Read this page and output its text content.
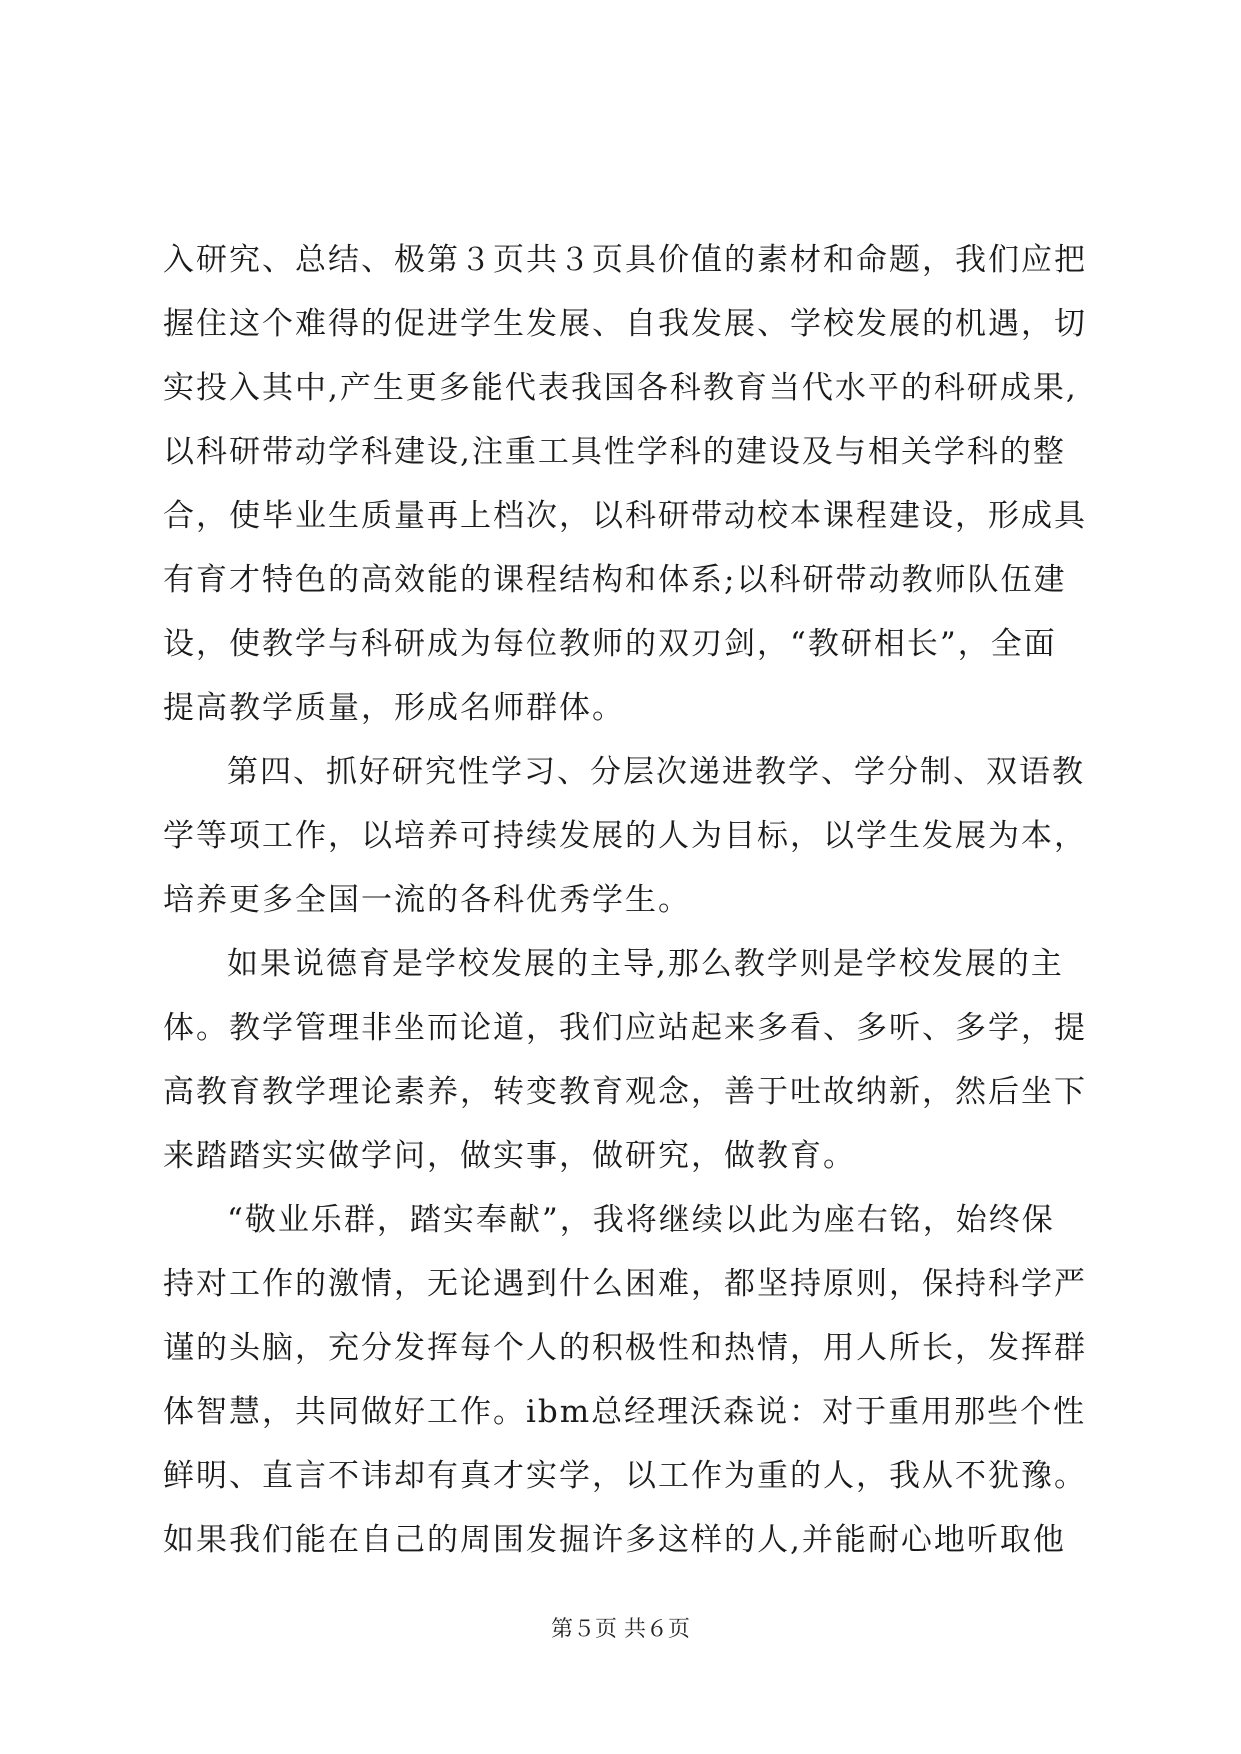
入研究、总结、极第３页共３页具价值的素材和命题，我们应把
握住这个难得的促进学生发展、自我发展、学校发展的机遇，切
实投入其中,产生更多能代表我国各科教育当代水平的科研成果,
以科研带动学科建设,注重工具性学科的建设及与相关学科的整
合，使毕业生质量再上档次，以科研带动校本课程建设，形成具
有育才特色的高效能的课程结构和体系;以科研带动教师队伍建
设，使教学与科研成为每位教师的双刃剑，“教研相长”，全面
提高教学质量，形成名师群体。
第四、抓好研究性学习、分层次递进教学、学分制、双语教
学等项工作，以培养可持续发展的人为目标，以学生发展为本，
培养更多全国一流的各科优秀学生。
如果说德育是学校发展的主导,那么教学则是学校发展的主
体。教学管理非坐而论道，我们应站起来多看、多听、多学，提
高教育教学理论素养，转变教育观念，善于吐故纳新，然后坐下
来踏踏实实做学问，做实事，做研究，做教育。
“敬业乐群，踏实奉献”，我将继续以此为座右铭，始终保
持对工作的激情，无论遇到什么困难，都坚持原则，保持科学严
谨的头脑，充分发挥每个人的积极性和热情，用人所长，发挥群
体智慧，共同做好工作。ibm总经理沃森说：对于重用那些个性
鲜明、直言不讳却有真才实学，以工作为重的人，我从不犹豫。
如果我们能在自己的周围发掘许多这样的人,并能耐心地听取他
第５页 共６页
